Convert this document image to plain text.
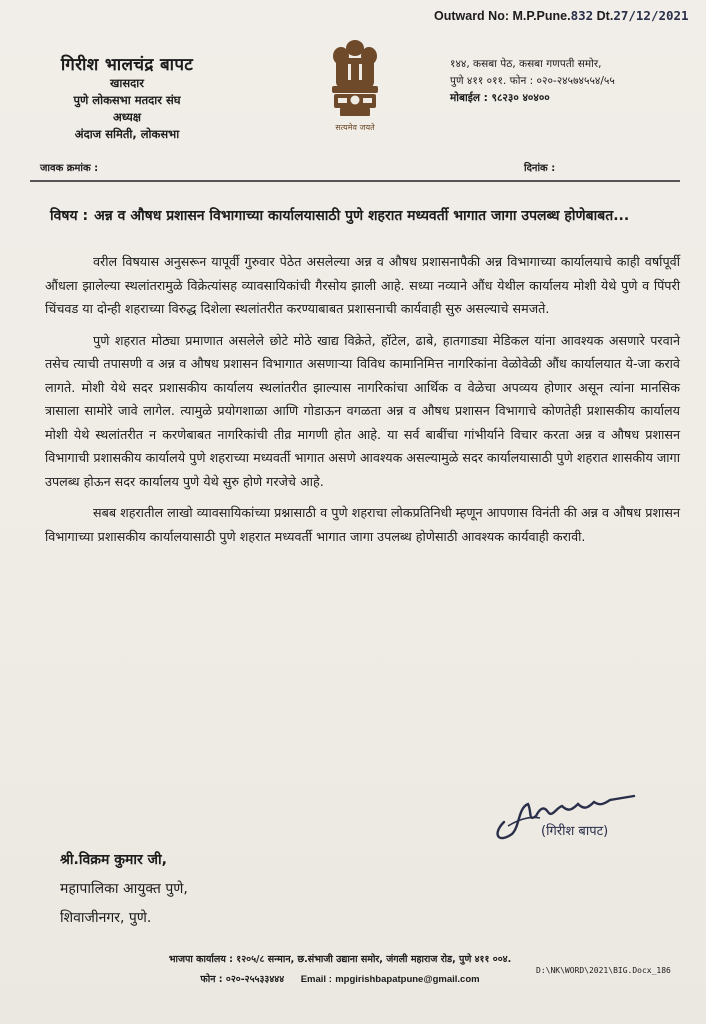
Outward No: M.P.Pune.832 Dt.27/12/2021
गिरीश भालचंद्र बापट
खासदार
पुणे लोकसभा मतदार संघ
अध्यक्ष
अंदाज समिती, लोकसभा	सत्यमेव जयते
१४४, कसबा पेठ, कसबा गणपती समोर,
पुणे ४११ ०११. फोन : ०२०-२४५७४५५४/५५
मोबाईल : ९८२३० ४०४००
जावक क्रमांक :	दिनांक :
विषय : अन्न व औषध प्रशासन विभागाच्या कार्यालयासाठी पुणे शहरात मध्यवर्ती भागात जागा उपलब्ध होणेबाबत...

वरील विषयास अनुसरून यापूर्वी गुरुवार पेठेत असलेल्या अन्न व औषध प्रशासनापैकी अन्न विभागाच्या कार्यालयाचे काही वर्षापूर्वी औंधला झालेल्या स्थलांतरामुळे विक्रेत्यांसह व्यावसायिकांची गैरसोय झाली आहे. सध्या नव्याने औंध येथील कार्यालय मोशी येथे पुणे व पिंपरी चिंचवड या दोन्ही शहराच्या विरुद्ध दिशेला स्थलांतरीत करण्याबाबत प्रशासनाची कार्यवाही सुरु असल्याचे समजते.

पुणे शहरात मोठ्या प्रमाणात असलेले छोटे मोठे खाद्य विक्रेते, हॉटेल, ढाबे, हातगाड्या मेडिकल यांना आवश्यक असणारे परवाने तसेच त्याची तपासणी व अन्न व औषध प्रशासन विभागात असणाऱ्या विविध कामानिमित्त नागरिकांना वेळोवेळी औंध कार्यालयात ये-जा करावे लागते. मोशी येथे सदर प्रशासकीय कार्यालय स्थलांतरीत झाल्यास नागरिकांचा आर्थिक व वेळेचा अपव्यय होणार असून त्यांना मानसिक त्रासाला सामोरे जावे लागेल. त्यामुळे प्रयोगशाळा आणि गोडाऊन वगळता अन्न व औषध प्रशासन विभागाचे कोणतेही प्रशासकीय कार्यालय मोशी येथे स्थलांतरीत न करणेबाबत नागरिकांची तीव्र मागणी होत आहे. या सर्व बाबींचा गांभीर्याने विचार करता अन्न व औषध प्रशासन विभागाची प्रशासकीय कार्यालये पुणे शहराच्या मध्यवर्ती भागात असणे आवश्यक असल्यामुळे सदर कार्यालयासाठी पुणे शहरात शासकीय जागा उपलब्ध होऊन सदर कार्यालय पुणे येथे सुरु होणे गरजेचे आहे.

सबब शहरातील लाखो व्यावसायिकांच्या प्रश्नासाठी व पुणे शहराचा लोकप्रतिनिधी म्हणून आपणास विनंती की अन्न व औषध प्रशासन विभागाच्या प्रशासकीय कार्यालयासाठी पुणे शहरात मध्यवर्ती भागात जागा उपलब्ध होणेसाठी आवश्यक कार्यवाही करावी.

(गिरीश बापट)
श्री.विक्रम कुमार जी,
महापालिका आयुक्त पुणे,
शिवाजीनगर, पुणे.
भाजपा कार्यालय : १२०५/८ सन्मान, छ.संभाजी उद्याना समोर, जंगली महाराज रोड, पुणे ४११ ००४.
फोन : ०२०-२५५३३४४४ Email : mpgirishbapatpune@gmail.com
D:\NK\WORD\2021\BIG.Docx_186
